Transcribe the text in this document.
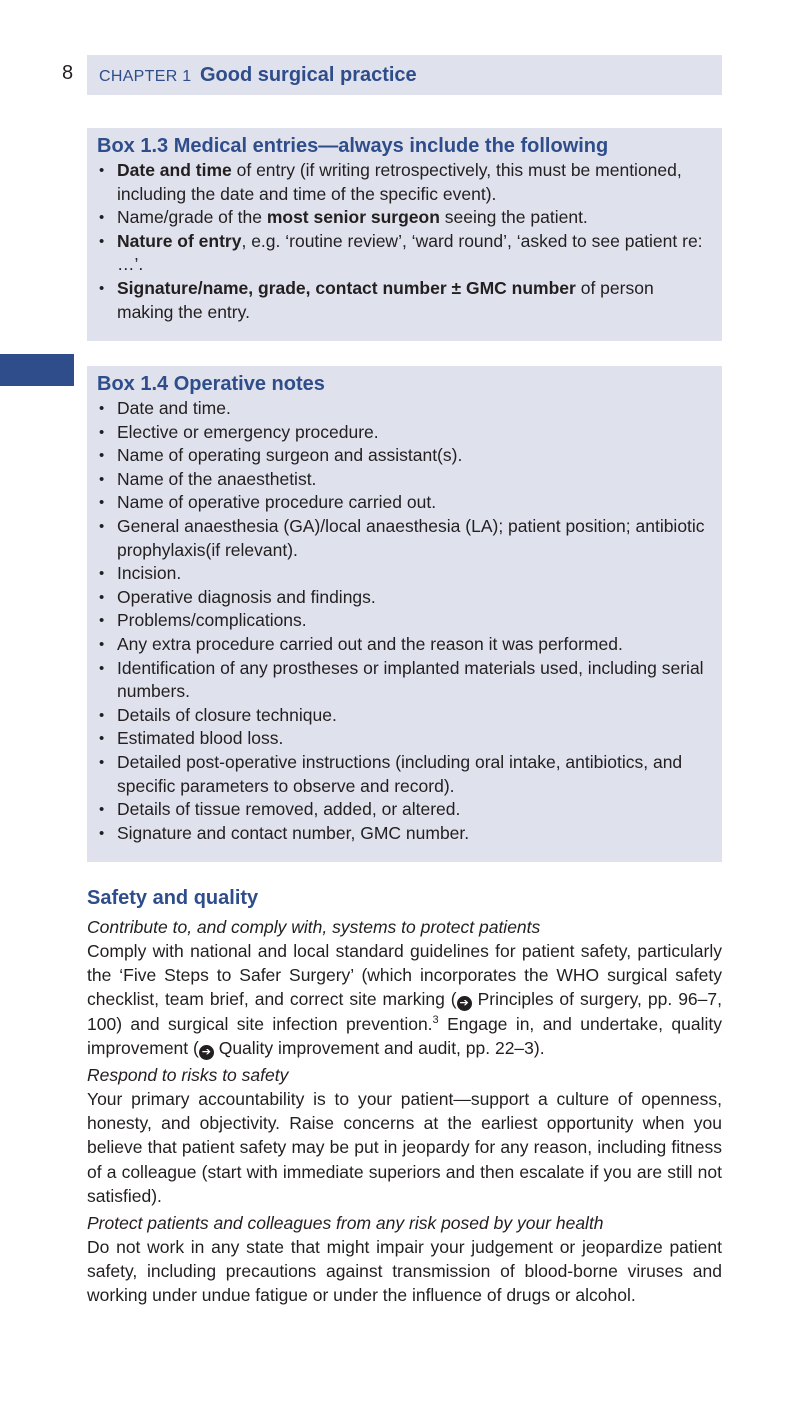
8	CHAPTER 1 Good surgical practice
Box 1.3 Medical entries—always include the following
• Date and time of entry (if writing retrospectively, this must be mentioned, including the date and time of the specific event).
• Name/grade of the most senior surgeon seeing the patient.
• Nature of entry, e.g. ‘routine review’, ‘ward round’, ‘asked to see patient re: …’.
• Signature/name, grade, contact number ± GMC number of person making the entry.
Box 1.4 Operative notes
• Date and time.
• Elective or emergency procedure.
• Name of operating surgeon and assistant(s).
• Name of the anaesthetist.
• Name of operative procedure carried out.
• General anaesthesia (GA)/local anaesthesia (LA); patient position; antibiotic prophylaxis(if relevant).
• Incision.
• Operative diagnosis and findings.
• Problems/complications.
• Any extra procedure carried out and the reason it was performed.
• Identification of any prostheses or implanted materials used, including serial numbers.
• Details of closure technique.
• Estimated blood loss.
• Detailed post-operative instructions (including oral intake, antibiotics, and specific parameters to observe and record).
• Details of tissue removed, added, or altered.
• Signature and contact number, GMC number.
Safety and quality
Contribute to, and comply with, systems to protect patients

Comply with national and local standard guidelines for patient safety, particularly the ‘Five Steps to Safer Surgery’ (which incorporates the WHO surgical safety checklist, team brief, and correct site marking ( ➔ Principles of surgery, pp. 96–7, 100) and surgical site infection prevention.$^3$ Engage in, and undertake, quality improvement ( ➔ Quality improvement and audit, pp. 22–3).

Respond to risks to safety

Your primary accountability is to your patient—support a culture of openness, honesty, and objectivity. Raise concerns at the earliest opportunity when you believe that patient safety may be put in jeopardy for any reason, including fitness of a colleague (start with immediate superiors and then escalate if you are still not satisfied).

Protect patients and colleagues from any risk posed by your health

Do not work in any state that might impair your judgement or jeopardize patient safety, including precautions against transmission of blood-borne viruses and working under undue fatigue or under the influence of drugs or alcohol.
